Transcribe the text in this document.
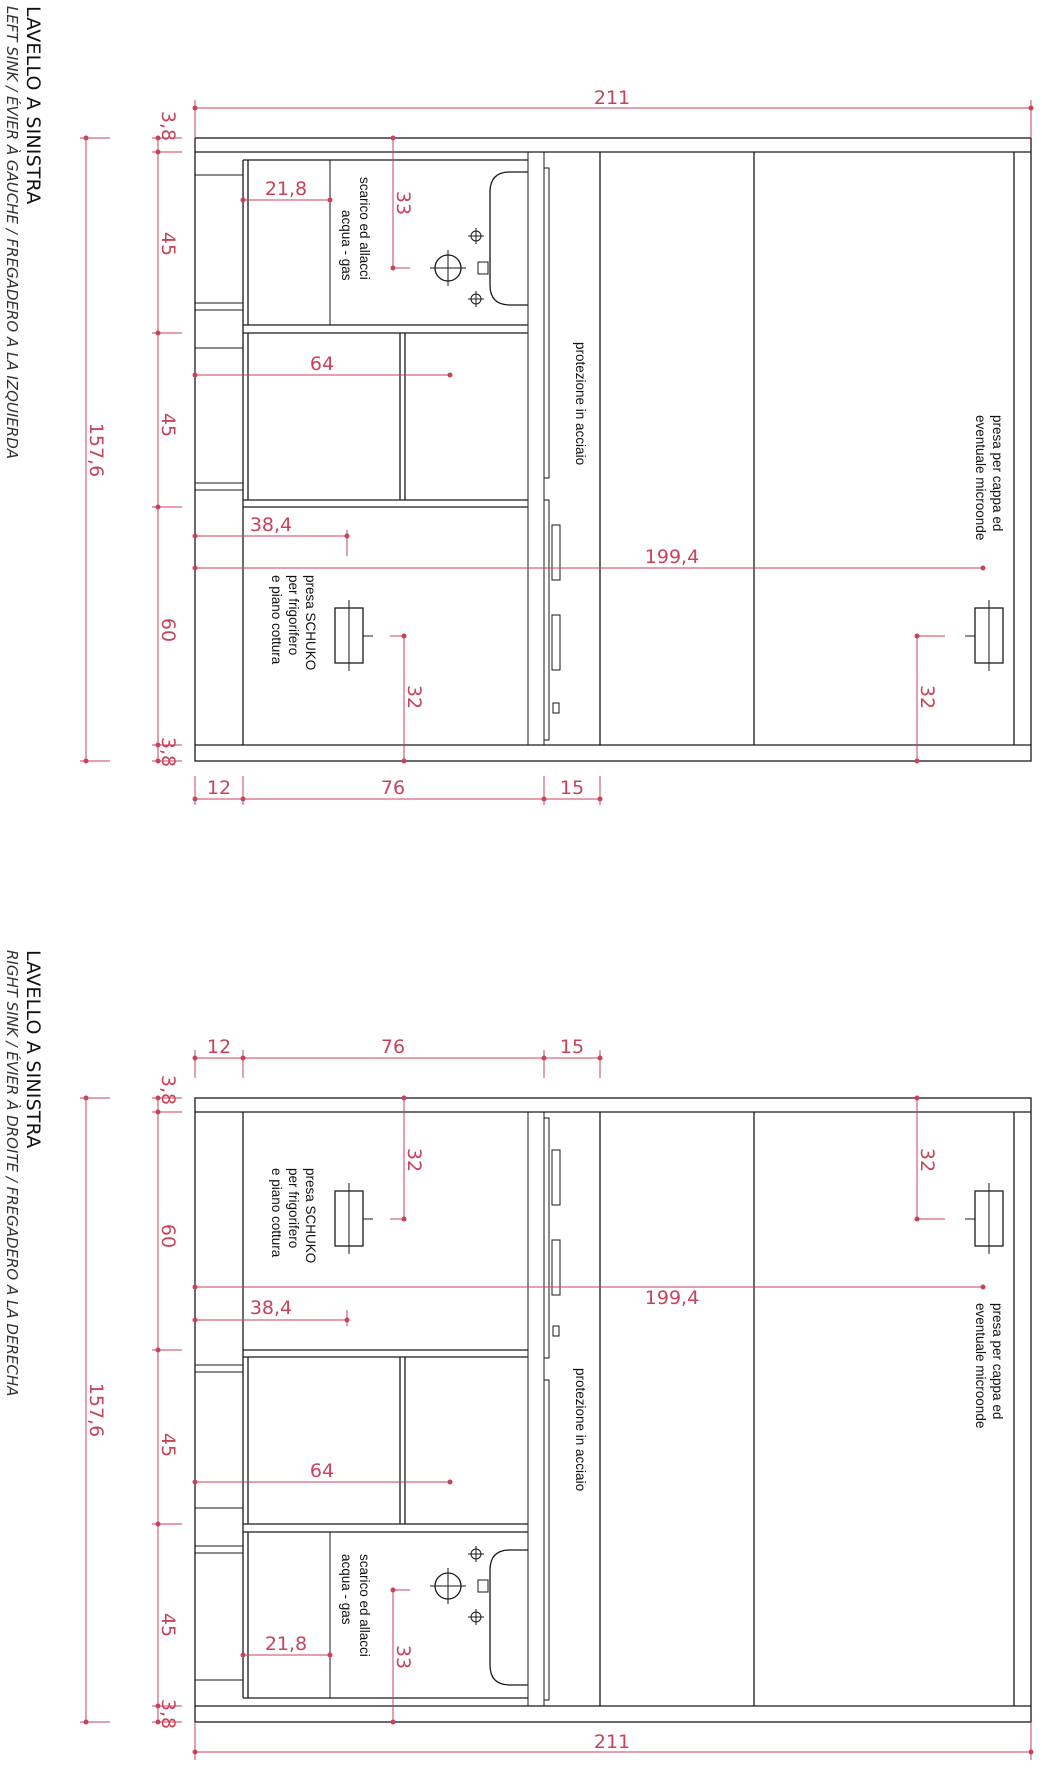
LAVELLO A SINISTRA
LEFT SINK / ÉVIER À GAUCHE / FREGADERO A LA IZQUIERDA
LAVELLO A SINISTRA
RIGHT SINK / ÉVIER À DROITE / FREGADERO A LA DERECHA
211
157,6
3,8
45
45
60
3,8
21,8
33
64
38,4
199,4
32	32
12	76	15
scarico ed allacci
acqua - gas
protezione in acciaio
presa SCHUKO
per frigorifero
e piano cottura
presa per cappa ed
eventuale microonde
12	76	15
157,6
3,8
60
45
45
3,8
32	32
199,4
38,4
64
21,8
33
211
presa SCHUKO
per frigorifero
e piano cottura
protezione in acciaio
scarico ed allacci
acqua - gas
presa per cappa ed
eventuale microonde
